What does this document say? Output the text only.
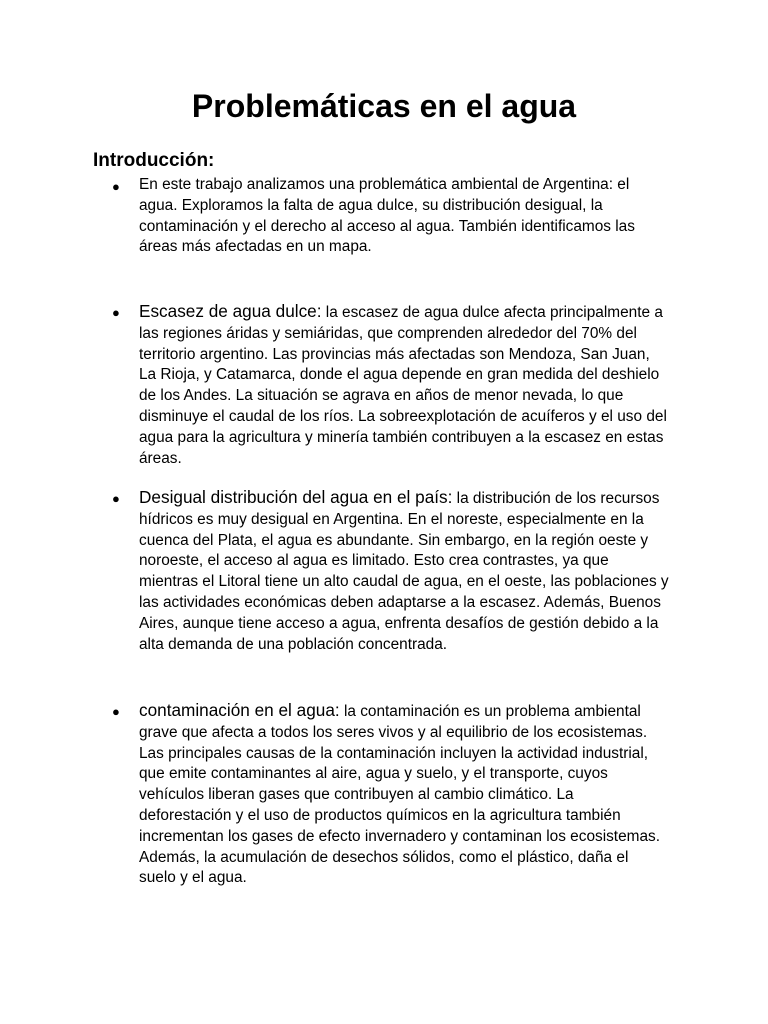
Problemáticas en el agua
Introducción:
● En este trabajo analizamos una problemática ambiental de Argentina: el agua. Exploramos la falta de agua dulce, su distribución desigual, la contaminación y el derecho al acceso al agua. También identificamos las áreas más afectadas en un mapa.
● Escasez de agua dulce: la escasez de agua dulce afecta principalmente a las regiones áridas y semiáridas, que comprenden alrededor del 70% del territorio argentino. Las provincias más afectadas son Mendoza, San Juan, La Rioja, y Catamarca, donde el agua depende en gran medida del deshielo de los Andes. La situación se agrava en años de menor nevada, lo que disminuye el caudal de los ríos. La sobreexplotación de acuíferos y el uso del agua para la agricultura y minería también contribuyen a la escasez en estas áreas.
● Desigual distribución del agua en el país: la distribución de los recursos hídricos es muy desigual en Argentina. En el noreste, especialmente en la cuenca del Plata, el agua es abundante. Sin embargo, en la región oeste y noroeste, el acceso al agua es limitado. Esto crea contrastes, ya que mientras el Litoral tiene un alto caudal de agua, en el oeste, las poblaciones y las actividades económicas deben adaptarse a la escasez. Además, Buenos Aires, aunque tiene acceso a agua, enfrenta desafíos de gestión debido a la alta demanda de una población concentrada.
● contaminación en el agua: la contaminación es un problema ambiental grave que afecta a todos los seres vivos y al equilibrio de los ecosistemas.
Las principales causas de la contaminación incluyen la actividad industrial, que emite contaminantes al aire, agua y suelo, y el transporte, cuyos vehículos liberan gases que contribuyen al cambio climático. La deforestación y el uso de productos químicos en la agricultura también incrementan los gases de efecto invernadero y contaminan los ecosistemas. Además, la acumulación de desechos sólidos, como el plástico, daña el suelo y el agua.
